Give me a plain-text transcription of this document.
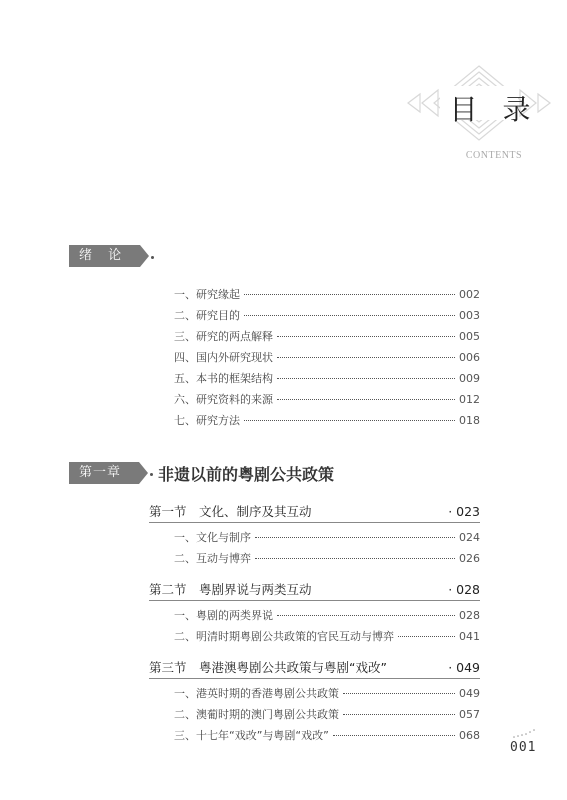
目 录
CONTENTS
绪 论
一、研究缘起	002
二、研究目的	003
三、研究的两点解释	005
四、国内外研究现状	006
五、本书的框架结构	009
六、研究资料的来源	012
七、研究方法	018
第一章	非遗以前的粤剧公共政策
第一节　文化、制序及其互动	· 023
一、文化与制序	024
二、互动与博弈	026
第二节　粤剧界说与两类互动	· 028
一、粤剧的两类界说	028
二、明清时期粤剧公共政策的官民互动与博弈	041
第三节　粤港澳粤剧公共政策与粤剧“戏改”	· 049
一、港英时期的香港粤剧公共政策	049
二、澳葡时期的澳门粤剧公共政策	057
三、十七年“戏改”与粤剧“戏改”	068
001
